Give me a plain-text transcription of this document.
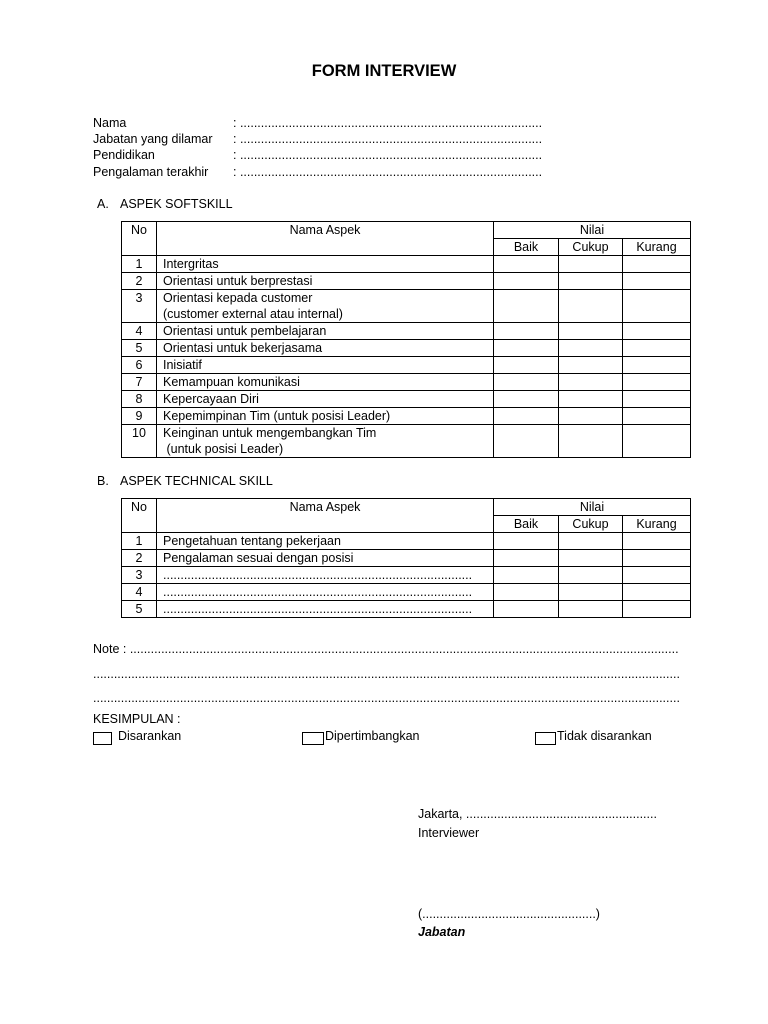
FORM INTERVIEW
Nama	: .......................................................................................
Jabatan yang dilamar : .......................................................................................
Pendidikan	: .......................................................................................
Pengalaman terakhir : .......................................................................................
A. ASPEK SOFTSKILL
No	Nama Aspek	Nilai		
		Baik	Cukup	Kurang
1	Intergritas			
2	Orientasi untuk berprestasi			
3	Orientasi kepada customer
(customer external atau internal)			

4	Orientasi untuk pembelajaran			
5	Orientasi untuk bekerjasama			
6	Inisiatif			
7	Kemampuan komunikasi			
8	Kepercayaan Diri			
9	Kepemimpinan Tim (untuk posisi Leader)			
10	Keinginan untuk mengembangkan Tim
(untuk posisi Leader)			

B. ASPEK TECHNICAL SKILL
No	Nama Aspek	Nilai		
		Baik	Cukup	Kurang
1	Pengetahuan tentang pekerjaan			
2	Pengalaman sesuai dengan posisi			
3	.........................................................................................			
4	.........................................................................................			
5	.........................................................................................			
Note : ..............................................................................................................................................................
.........................................................................................................................................................................
.........................................................................................................................................................................
KESIMPULAN :
Disarankan	Dipertimbangkan	Tidak disarankan
Jakarta, .......................................................
Interviewer
(..................................................)
Jabatan
